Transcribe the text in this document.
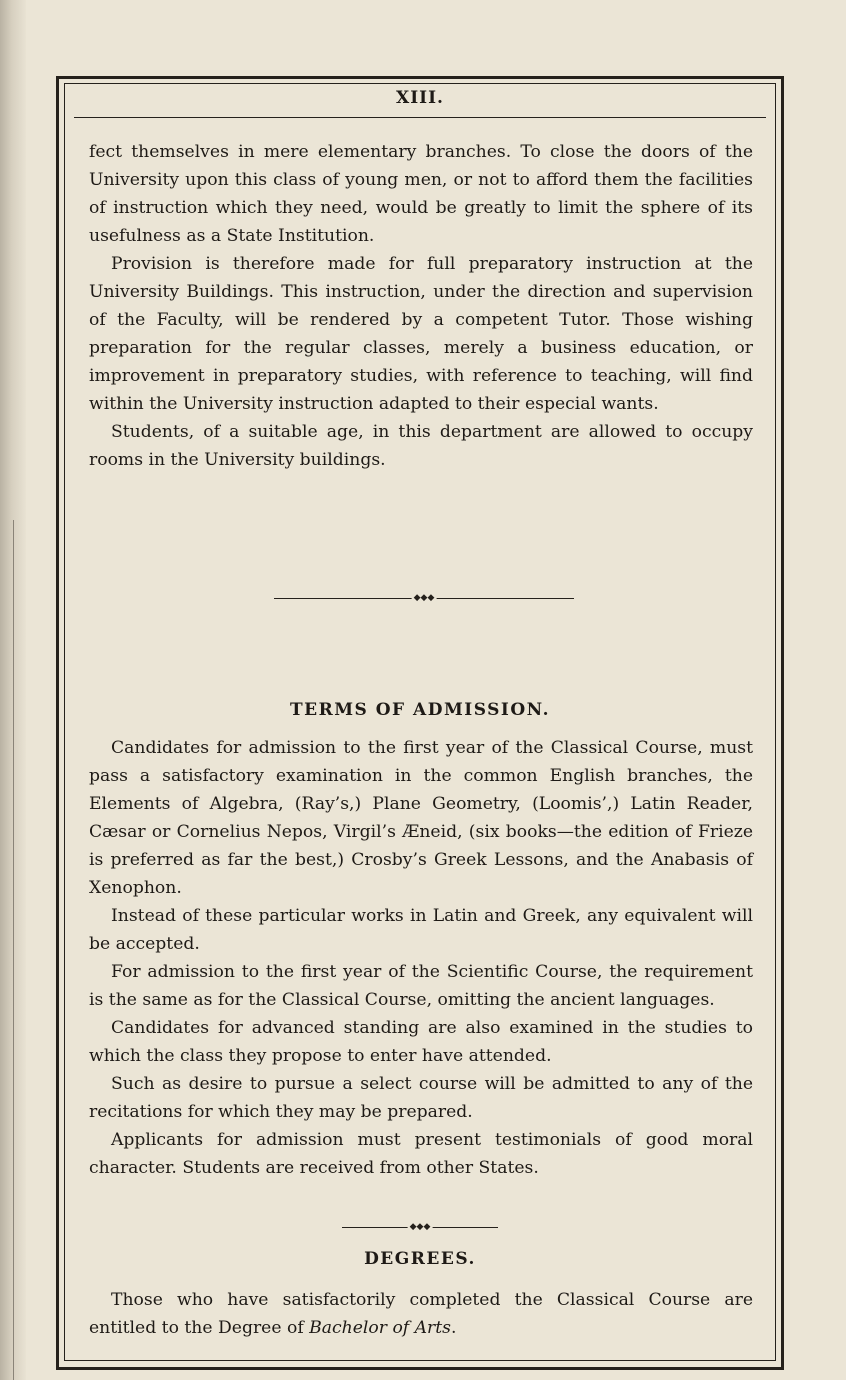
XIII.

fect themselves in mere elementary branches. To close the doors of the University upon this class of young men, or not to afford them the facilities of instruction which they need, would be greatly to limit the sphere of its usefulness as a State Institution.

Provision is therefore made for full preparatory instruction at the University Buildings. This instruction, under the direction and supervision of the Faculty, will be rendered by a competent Tutor. Those wishing preparation for the regular classes, merely a business education, or improvement in preparatory studies, with reference to teaching, will find within the University instruction adapted to their especial wants.

Students, of a suitable age, in this department are allowed to occupy rooms in the University buildings.

◆◆◆
TERMS OF ADMISSION.

Candidates for admission to the first year of the Classical Course, must pass a satisfactory examination in the common English branches, the Elements of Algebra, (Ray’s,) Plane Geometry, (Loomis’,) Latin Reader, Cæsar or Cornelius Nepos, Virgil’s Æneid, (six books—the edition of Frieze is preferred as far the best,) Crosby’s Greek Lessons, and the Anabasis of Xenophon.

Instead of these particular works in Latin and Greek, any equivalent will be accepted.

For admission to the first year of the Scientific Course, the requirement is the same as for the Classical Course, omitting the ancient languages.

Candidates for advanced standing are also examined in the studies to which the class they propose to enter have attended.

Such as desire to pursue a select course will be admitted to any of the recitations for which they may be prepared.

Applicants for admission must present testimonials of good moral character. Students are received from other States.

◆◆◆
DEGREES.

Those who have satisfactorily completed the Classical Course are entitled to the Degree of Bachelor of Arts.
